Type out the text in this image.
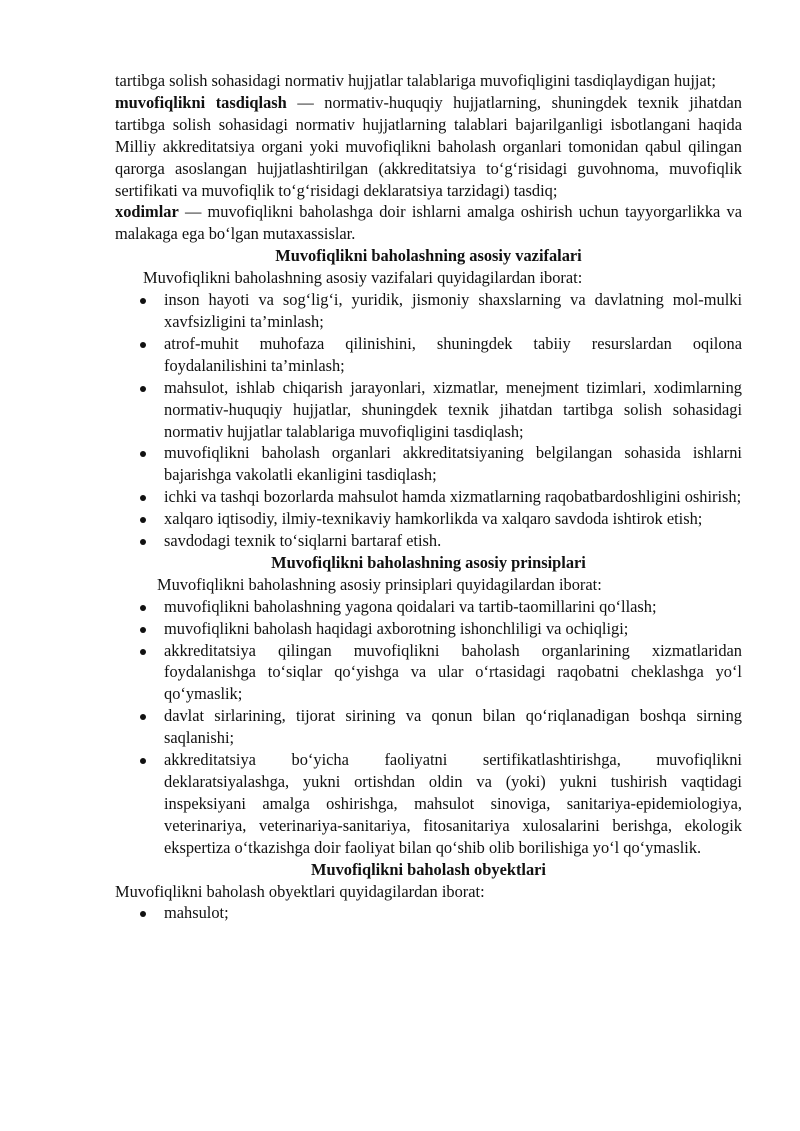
tartibga solish sohasidagi normativ hujjatlar talablariga muvofiqligini tasdiqlaydigan hujjat;

muvofiqlikni tasdiqlash — normativ-huquqiy hujjatlarning, shuningdek texnik jihatdan tartibga solish sohasidagi normativ hujjatlarning talablari bajarilganligi isbotlangani haqida Milliy akkreditatsiya organi yoki muvofiqlikni baholash organlari tomonidan qabul qilingan qarorga asoslangan hujjatlashtirilgan (akkreditatsiya to‘g‘risidagi guvohnoma, muvofiqlik sertifikati va muvofiqlik to‘g‘risidagi deklaratsiya tarzidagi) tasdiq;

xodimlar — muvofiqlikni baholashga doir ishlarni amalga oshirish uchun tayyorgarlikka va malakaga ega bo‘lgan mutaxassislar.

Muvofiqlikni baholashning asosiy vazifalari

Muvofiqlikni baholashning asosiy vazifalari quyidagilardan iborat:

inson hayoti va sog‘lig‘i, yuridik, jismoniy shaxslarning va davlatning mol-mulki xavfsizligini ta’minlash;
atrof-muhit muhofaza qilinishini, shuningdek tabiiy resurslardan oqilona foydalanilishini ta’minlash;
mahsulot, ishlab chiqarish jarayonlari, xizmatlar, menejment tizimlari, xodimlarning normativ-huquqiy hujjatlar, shuningdek texnik jihatdan tartibga solish sohasidagi normativ hujjatlar talablariga muvofiqligini tasdiqlash;
muvofiqlikni baholash organlari akkreditatsiyaning belgilangan sohasida ishlarni bajarishga vakolatli ekanligini tasdiqlash;
ichki va tashqi bozorlarda mahsulot hamda xizmatlarning raqobatbardoshligini oshirish;
xalqaro iqtisodiy, ilmiy-texnikaviy hamkorlikda va xalqaro savdoda ishtirok etish;
savdodagi texnik to‘siqlarni bartaraf etish.
Muvofiqlikni baholashning asosiy prinsiplari

Muvofiqlikni baholashning asosiy prinsiplari quyidagilardan iborat:

muvofiqlikni baholashning yagona qoidalari va tartib-taomillarini qo‘llash;
muvofiqlikni baholash haqidagi axborotning ishonchliligi va ochiqligi;
akkreditatsiya qilingan muvofiqlikni baholash organlarining xizmatlaridan foydalanishga to‘siqlar qo‘yishga va ular o‘rtasidagi raqobatni cheklashga yo‘l qo‘ymaslik;
davlat sirlarining, tijorat sirining va qonun bilan qo‘riqlanadigan boshqa sirning saqlanishi;
akkreditatsiya bo‘yicha faoliyatni sertifikatlashtirishga, muvofiqlikni deklaratsiyalashga, yukni ortishdan oldin va (yoki) yukni tushirish vaqtidagi inspeksiyani amalga oshirishga, mahsulot sinoviga, sanitariya-epidemiologiya, veterinariya, veterinariya-sanitariya, fitosanitariya xulosalarini berishga, ekologik ekspertiza o‘tkazishga doir faoliyat bilan qo‘shib olib borilishiga yo‘l qo‘ymaslik.
Muvofiqlikni baholash obyektlari

Muvofiqlikni baholash obyektlari quyidagilardan iborat:

mahsulot;
